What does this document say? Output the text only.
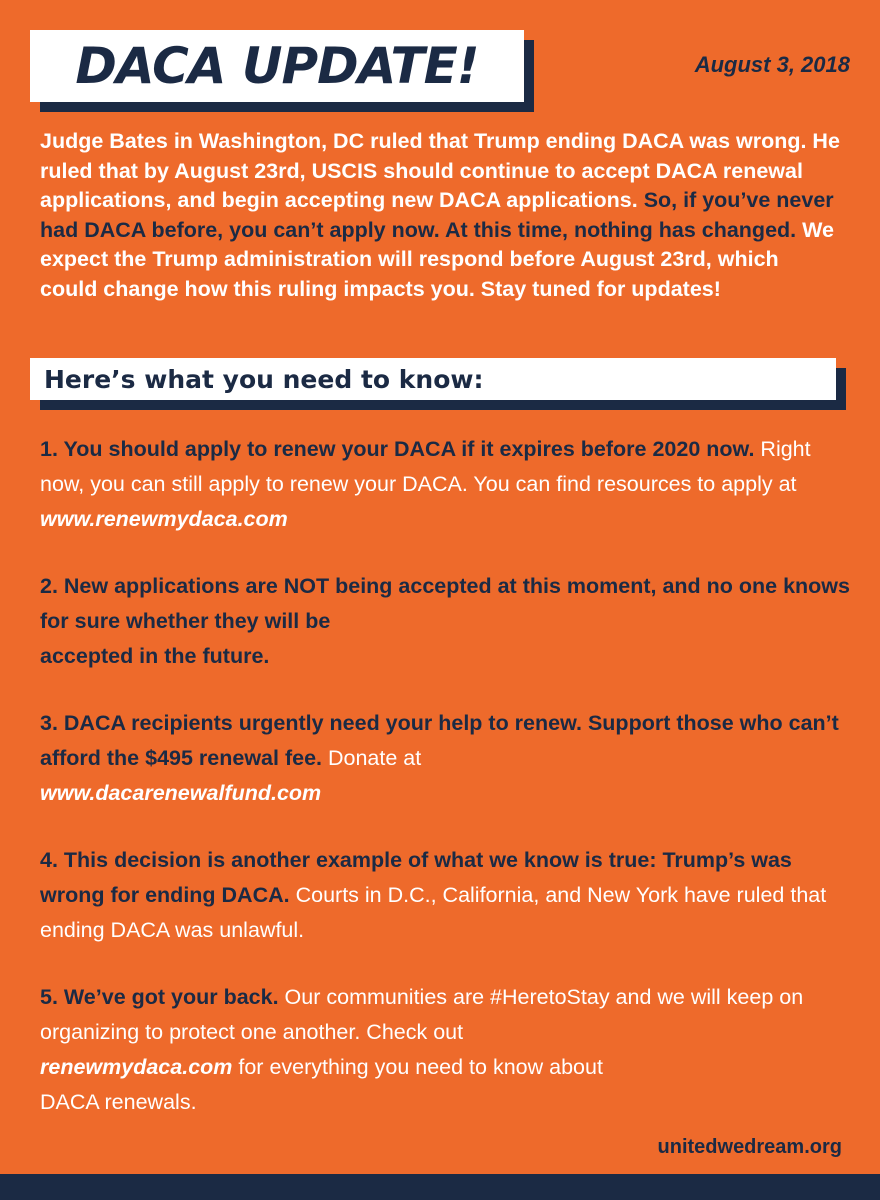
DACA UPDATE!	August 3, 2018

Judge Bates in Washington, DC ruled that Trump ending DACA was wrong. He ruled that by August 23rd, USCIS should continue to accept DACA renewal applications, and begin accepting new DACA applications. So, if you’ve never had DACA before, you can’t apply now. At this time, nothing has changed. We expect the Trump administration will respond before August 23rd, which could change how this ruling impacts you. Stay tuned for updates!

Here’s what you need to know:

1. You should apply to renew your DACA if it expires before 2020 now. Right now, you can still apply to renew your DACA. You can find resources to apply at www.renewmydaca.com

2. New applications are NOT being accepted at this moment, and no one knows for sure whether they will be
accepted in the future.

3. DACA recipients urgently need your help to renew. Support those who can’t afford the $495 renewal fee. Donate at
www.dacarenewalfund.com

4. This decision is another example of what we know is true: Trump’s was wrong for ending DACA. Courts in D.C., California, and New York have ruled that ending DACA was unlawful.

5. We’ve got your back. Our communities are #HeretoStay and we will keep on organizing to protect one another. Check out
renewmydaca.com for everything you need to know about
DACA renewals.

unitedwedream.org
